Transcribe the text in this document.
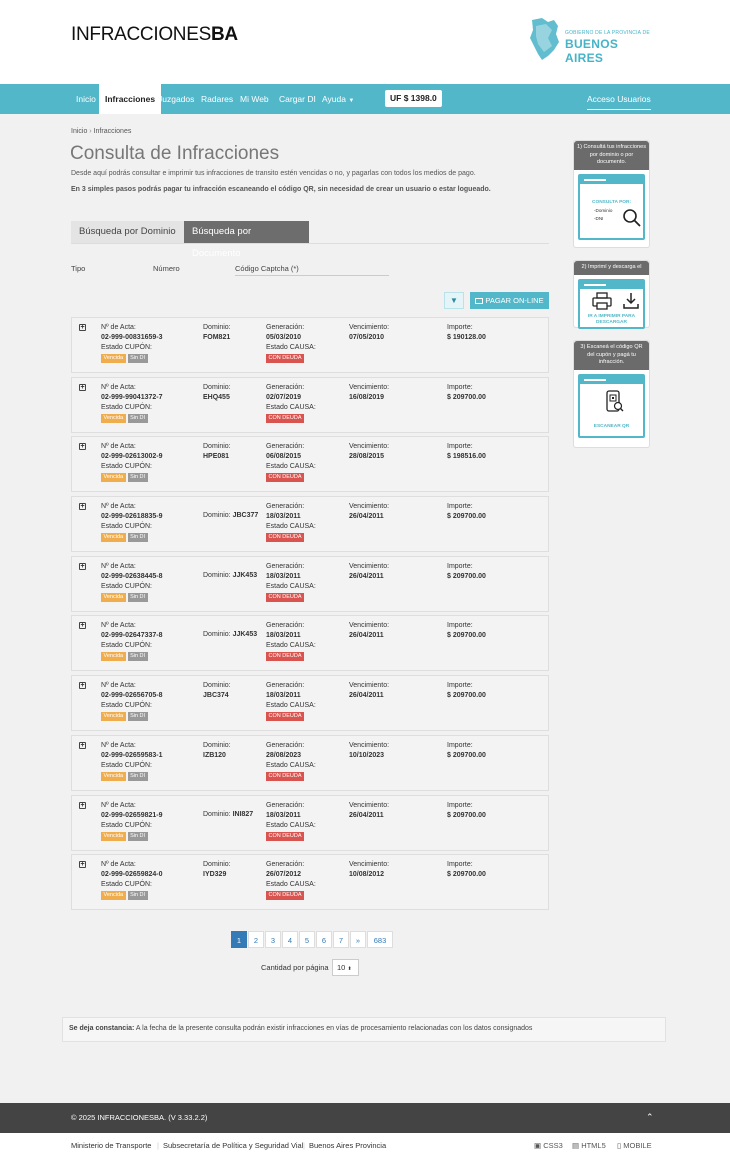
INFRACCIONESBA	GOBIERNO DE LA PROVINCIA DE
BUENOS AIRES
Inicio	Infracciones Juzgados Radares Mi Web Cargar DI Ayuda ▼	UF $ 1398.0	Acceso Usuarios
Inicio › Infracciones
Consulta de Infracciones
Desde aquí podrás consultar e imprimir tus infracciones de transito estén vencidas o no, y pagarlas con todos los medios de pago.
En 3 simples pasos podrás pagar tu infracción escaneando el código QR, sin necesidad de crear un usuario o estar logueado.
Búsqueda por Dominio	Búsqueda por Documento
Tipo	Número	Código Captcha (*)
▼	PAGAR ON-LINE
+ Nº de Acta:
02-999-00831659-3
Estado CUPÓN:
Vencida Sin DI
Dominio:
FOM821
Generación:
05/03/2010
Estado CAUSA:
CON DEUDA
Vencimiento:
07/05/2010
Importe:
$ 190128.00
+ Nº de Acta:
02-999-99041372-7
Estado CUPÓN:
Vencida Sin DI
Dominio:
EHQ455
Generación:
02/07/2019
Estado CAUSA:
CON DEUDA
Vencimiento:
16/08/2019
Importe:
$ 209700.00
+ Nº de Acta:
02-999-02613002-9
Estado CUPÓN:
Vencida Sin DI
Dominio:
HPE081
Generación:
06/08/2015
Estado CAUSA:
CON DEUDA
Vencimiento:
28/08/2015
Importe:
$ 198516.00
+ Nº de Acta:
02-999-02618835-9
Estado CUPÓN:
Vencida Sin DI
Dominio: JBC377
Generación:
18/03/2011
Estado CAUSA:
CON DEUDA
Vencimiento:
26/04/2011
Importe:
$ 209700.00
+ Nº de Acta:
02-999-02638445-8
Estado CUPÓN:
Vencida Sin DI
Dominio: JJK453
Generación:
18/03/2011
Estado CAUSA:
CON DEUDA
Vencimiento:
26/04/2011
Importe:
$ 209700.00
+ Nº de Acta:
02-999-02647337-8
Estado CUPÓN:
Vencida Sin DI
Dominio: JJK453
Generación:
18/03/2011
Estado CAUSA:
CON DEUDA
Vencimiento:
26/04/2011
Importe:
$ 209700.00
+ Nº de Acta:
02-999-02656705-8
Estado CUPÓN:
Vencida Sin DI
Dominio:
JBC374
Generación:
18/03/2011
Estado CAUSA:
CON DEUDA
Vencimiento:
26/04/2011
Importe:
$ 209700.00
+ Nº de Acta:
02-999-02659583-1
Estado CUPÓN:
Vencida Sin DI
Dominio:
IZB120
Generación:
28/08/2023
Estado CAUSA:
CON DEUDA
Vencimiento:
10/10/2023
Importe:
$ 209700.00
+ Nº de Acta:
02-999-02659821-9
Estado CUPÓN:
Vencida Sin DI
Dominio: INI827
Generación:
18/03/2011
Estado CAUSA:
CON DEUDA
Vencimiento:
26/04/2011
Importe:
$ 209700.00
+ Nº de Acta:
02-999-02659824-0
Estado CUPÓN:
Vencida Sin DI
Dominio:
IYD329
Generación:
26/07/2012
Estado CAUSA:
CON DEUDA
Vencimiento:
10/08/2012
Importe:
$ 209700.00
1	2	3	4	5	6	7	»	683
Cantidad por página	10 ⬍
Se deja constancia: A la fecha de la presente consulta podrán existir infracciones en vías de procesamiento relacionadas con los datos consignados
1) Consultá tus infracciones por dominio o por documento.
CONSULTA POR:
-Dominio
-DNI
2) Imprimí y descarga el
IR A IMPRIMIR PARA DESCARGAR
3) Escaneá el código QR del cupón y pagá tu infracción.
ESCANEAR QR
© 2025 INFRACCIONESBA. (V 3.33.2.2)	⌃
Ministerio de Transporte | Subsecretaría de Política y Seguridad Vial | Buenos Aires Provincia	▣ CSS3 ▤ HTML5 ▯ MOBILE
